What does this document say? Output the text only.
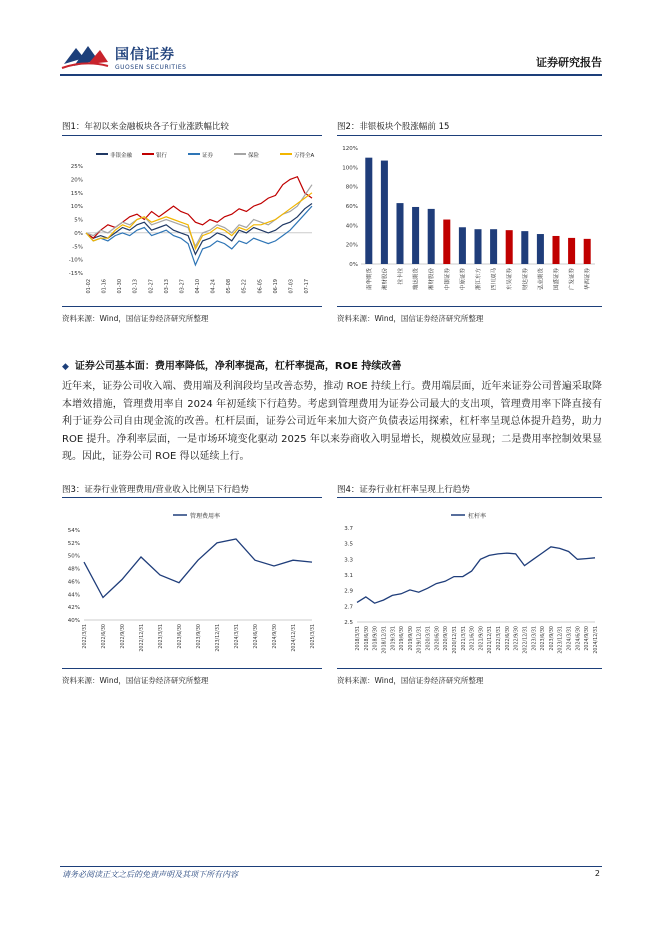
国信证券
GUOSEN SECURITIES	证券研究报告
图1：年初以来金融板块各子行业涨跌幅比较
非银金融	银行	证券	保险	万得全A
25%
20%
15%
10%
5%
0%
-5%
-10%
-15%
01-02 01-16 01-30 02-13 02-27 03-13 03-27 04-10 04-24 05-08 05-22 06-05 06-19 07-03 07-17
资料来源：Wind，国信证券经济研究所整理
图2：非银板块个股涨幅前 15
120%
100%
80%
60%
40%
20%
0%
南华期货	湘财股份	拉卡拉	瑞达期货	湘财股份	中银证券	中原证券	浙江东方	四川双马	东吴证券	财达证券	弘业期货	国盛证券	广发证券	华西证券
资料来源：Wind，国信证券经济研究所整理
◆ 证券公司基本面：费用率降低，净利率提高，杠杆率提高，ROE 持续改善
近年来，证券公司收入端、费用端及利润段均呈改善态势，推动 ROE 持续上行。费用端层面，近年来证券公司普遍采取降本增效措施，管理费用率自 2024 年初延续下行趋势。考虑到管理费用为证券公司最大的支出项，管理费用率下降直接有利于证券公司自由现金流的改善。杠杆层面，证券公司近年来加大资产负债表运用探索，杠杆率呈现总体提升趋势，助力 ROE 提升。净利率层面，一是市场环境变化驱动 2025 年以来券商收入明显增长，规模效应显现；二是费用率控制效果显现。因此，证券公司 ROE 得以延续上行。
图3：证券行业管理费用/营业收入比例呈下行趋势
管理费用率
54%
52%
50%
48%
46%
44%
42%
40%
2022/3/31	2022/6/30	2022/9/30	2022/12/31	2023/3/31	2023/6/30	2023/9/30	2023/12/31	2024/3/31	2024/6/30	2024/9/30	2024/12/31	2025/3/31
资料来源：Wind，国信证券经济研究所整理
图4：证券行业杠杆率呈现上行趋势
杠杆率
3.7
3.5
3.3
3.1
2.9
2.7
2.5
2018/3/31 2018/6/30 2018/9/30 2018/12/31 2019/3/31 2019/6/30 2019/9/30 2019/12/31 2020/3/31 2020/6/30 2020/9/30 2020/12/31 2021/3/31 2021/6/30 2021/9/30 2021/12/31 2022/3/31 2022/6/30 2022/9/30 2022/12/31 2023/3/31 2023/6/30 2023/9/30 2023/12/31 2024/3/31 2024/6/30 2024/9/30 2024/12/31
资料来源：Wind，国信证券经济研究所整理
请务必阅读正文之后的免责声明及其项下所有内容	2
